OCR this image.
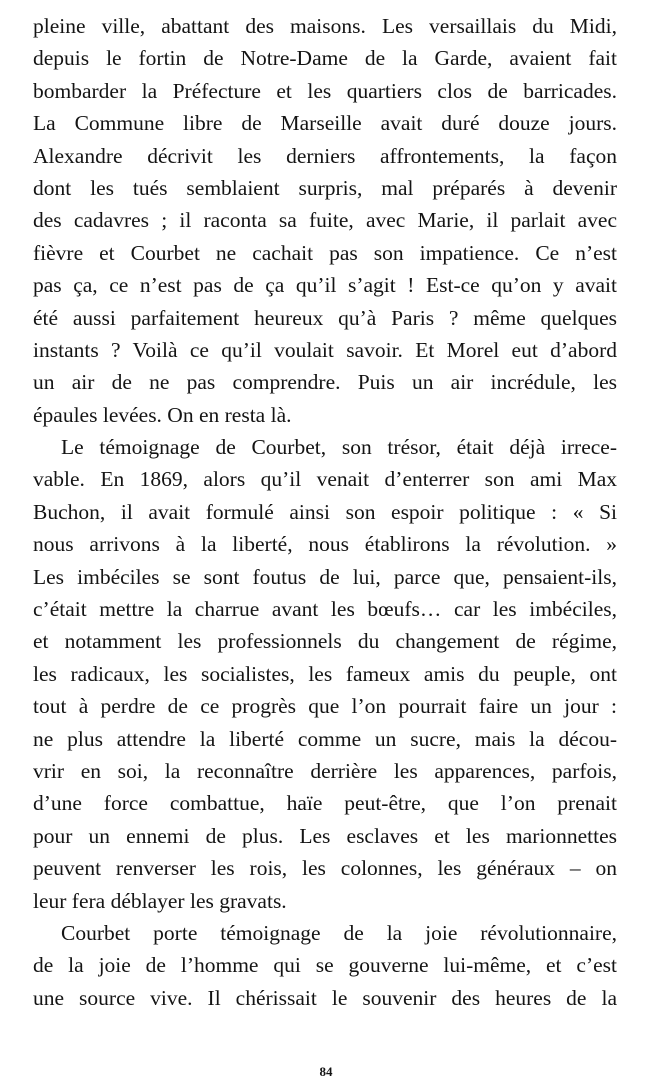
pleine ville, abattant des maisons. Les versaillais du Midi,
depuis le fortin de Notre-Dame de la Garde, avaient fait
bombarder la Préfecture et les quartiers clos de barricades.
La Commune libre de Marseille avait duré douze jours.
Alexandre décrivit les derniers affrontements, la façon
dont les tués semblaient surpris, mal préparés à devenir
des cadavres ; il raconta sa fuite, avec Marie, il parlait avec
fièvre et Courbet ne cachait pas son impatience. Ce n’est
pas ça, ce n’est pas de ça qu’il s’agit ! Est-ce qu’on y avait
été aussi parfaitement heureux qu’à Paris ? même quelques
instants ? Voilà ce qu’il voulait savoir. Et Morel eut d’abord
un air de ne pas comprendre. Puis un air incrédule, les
épaules levées. On en resta là.
Le témoignage de Courbet, son trésor, était déjà irrece-
vable. En 1869, alors qu’il venait d’enterrer son ami Max
Buchon, il avait formulé ainsi son espoir politique : « Si
nous arrivons à la liberté, nous établirons la révolution. »
Les imbéciles se sont foutus de lui, parce que, pensaient-ils,
c’était mettre la charrue avant les bœufs… car les imbéciles,
et notamment les professionnels du changement de régime,
les radicaux, les socialistes, les fameux amis du peuple, ont
tout à perdre de ce progrès que l’on pourrait faire un jour :
ne plus attendre la liberté comme un sucre, mais la décou-
vrir en soi, la reconnaître derrière les apparences, parfois,
d’une force combattue, haïe peut-être, que l’on prenait
pour un ennemi de plus. Les esclaves et les marionnettes
peuvent renverser les rois, les colonnes, les généraux – on
leur fera déblayer les gravats.
Courbet porte témoignage de la joie révolutionnaire,
de la joie de l’homme qui se gouverne lui-même, et c’est
une source vive. Il chérissait le souvenir des heures de la
84
